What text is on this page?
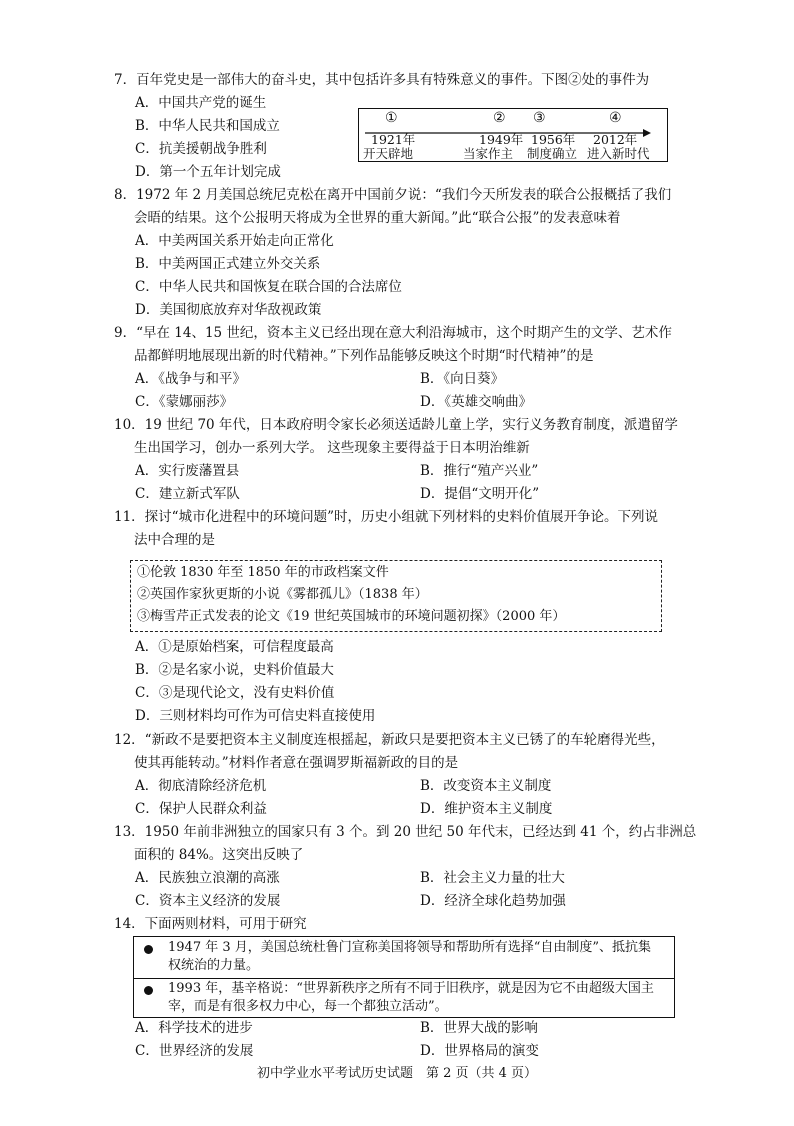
7．百年党史是一部伟大的奋斗史，其中包括许多具有特殊意义的事件。下图②处的事件为
A．中国共产党的诞生
B．中华人民共和国成立
C．抗美援朝战争胜利
D．第一个五年计划完成
①	② ③	④
1921年	1949年 1956年 2012年
开天辟地	当家作主 制度确立 进入新时代
8．1972 年 2 月美国总统尼克松在离开中国前夕说：“我们今天所发表的联合公报概括了我们
会晤的结果。这个公报明天将成为全世界的重大新闻。”此“联合公报”的发表意味着
A．中美两国关系开始走向正常化
B．中美两国正式建立外交关系
C．中华人民共和国恢复在联合国的合法席位
D．美国彻底放弃对华敌视政策
9．“早在 14、15 世纪，资本主义已经出现在意大利沿海城市，这个时期产生的文学、艺术作
品都鲜明地展现出新的时代精神。”下列作品能够反映这个时期“时代精神”的是
A．《战争与和平》	B．《向日葵》
C．《蒙娜丽莎》	D．《英雄交响曲》
10．19 世纪 70 年代，日本政府明令家长必须送适龄儿童上学，实行义务教育制度，派遣留学
生出国学习，创办一系列大学。 这些现象主要得益于日本明治维新
A．实行废藩置县	B．推行“殖产兴业”
C．建立新式军队	D．提倡“文明开化”
11．探讨“城市化进程中的环境问题”时，历史小组就下列材料的史料价值展开争论。下列说
法中合理的是
①伦敦 1830 年至 1850 年的市政档案文件
②英国作家狄更斯的小说《雾都孤儿》（1838 年）
③梅雪芹正式发表的论文《19 世纪英国城市的环境问题初探》（2000 年）
A．①是原始档案，可信程度最高
B．②是名家小说，史料价值最大
C．③是现代论文，没有史料价值
D．三则材料均可作为可信史料直接使用
12．“新政不是要把资本主义制度连根摇起，新政只是要把资本主义已锈了的车轮磨得光些，
使其再能转动。”材料作者意在强调罗斯福新政的目的是
A．彻底清除经济危机	B．改变资本主义制度
C．保护人民群众利益	D．维护资本主义制度
13．1950 年前非洲独立的国家只有 3 个。到 20 世纪 50 年代末，已经达到 41 个，约占非洲总
面积的 84%。这突出反映了
A．民族独立浪潮的高涨	B．社会主义力量的壮大
C．资本主义经济的发展	D．经济全球化趋势加强
14．下面两则材料，可用于研究
1947 年 3 月，美国总统杜鲁门宣称美国将领导和帮助所有选择“自由制度”、抵抗集
权统治的力量。
1993 年，基辛格说：“世界新秩序之所有不同于旧秩序，就是因为它不由超级大国主
宰，而是有很多权力中心，每一个都独立活动”。
A．科学技术的进步	B．世界大战的影响
C．世界经济的发展	D．世界格局的演变
初中学业水平考试历史试题　第 2 页（共 4 页）
